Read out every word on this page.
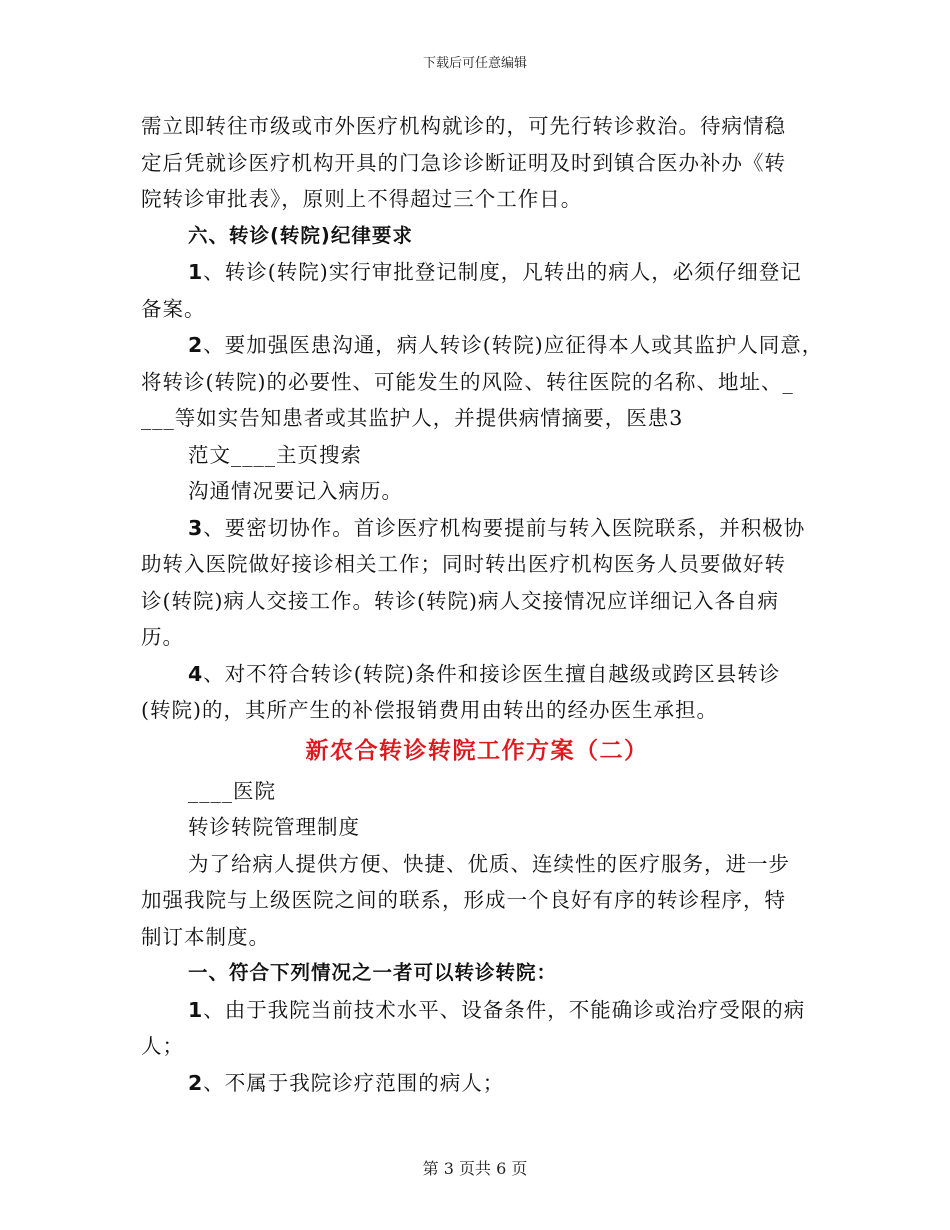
下载后可任意编辑

需立即转往市级或市外医疗机构就诊的，可先行转诊救治。待病情稳

定后凭就诊医疗机构开具的门急诊诊断证明及时到镇合医办补办《转

院转诊审批表》，原则上不得超过三个工作日。

六、转诊(转院)纪律要求

1、转诊(转院)实行审批登记制度，凡转出的病人，必须仔细登记

备案。

2、要加强医患沟通，病人转诊(转院)应征得本人或其监护人同意，

将转诊(转院)的必要性、可能发生的风险、转往医院的名称、地址、_

___等如实告知患者或其监护人，并提供病情摘要，医患3

范文____主页搜索

沟通情况要记入病历。

3、要密切协作。首诊医疗机构要提前与转入医院联系，并积极协

助转入医院做好接诊相关工作；同时转出医疗机构医务人员要做好转

诊(转院)病人交接工作。转诊(转院)病人交接情况应详细记入各自病

历。

4、对不符合转诊(转院)条件和接诊医生擅自越级或跨区县转诊

(转院)的，其所产生的补偿报销费用由转出的经办医生承担。

新农合转诊转院工作方案（二）

____医院

转诊转院管理制度

为了给病人提供方便、快捷、优质、连续性的医疗服务，进一步

加强我院与上级医院之间的联系，形成一个良好有序的转诊程序，特

制订本制度。

一、符合下列情况之一者可以转诊转院：

1、由于我院当前技术水平、设备条件，不能确诊或治疗受限的病

人；

2、不属于我院诊疗范围的病人；

第 3 页共 6 页
